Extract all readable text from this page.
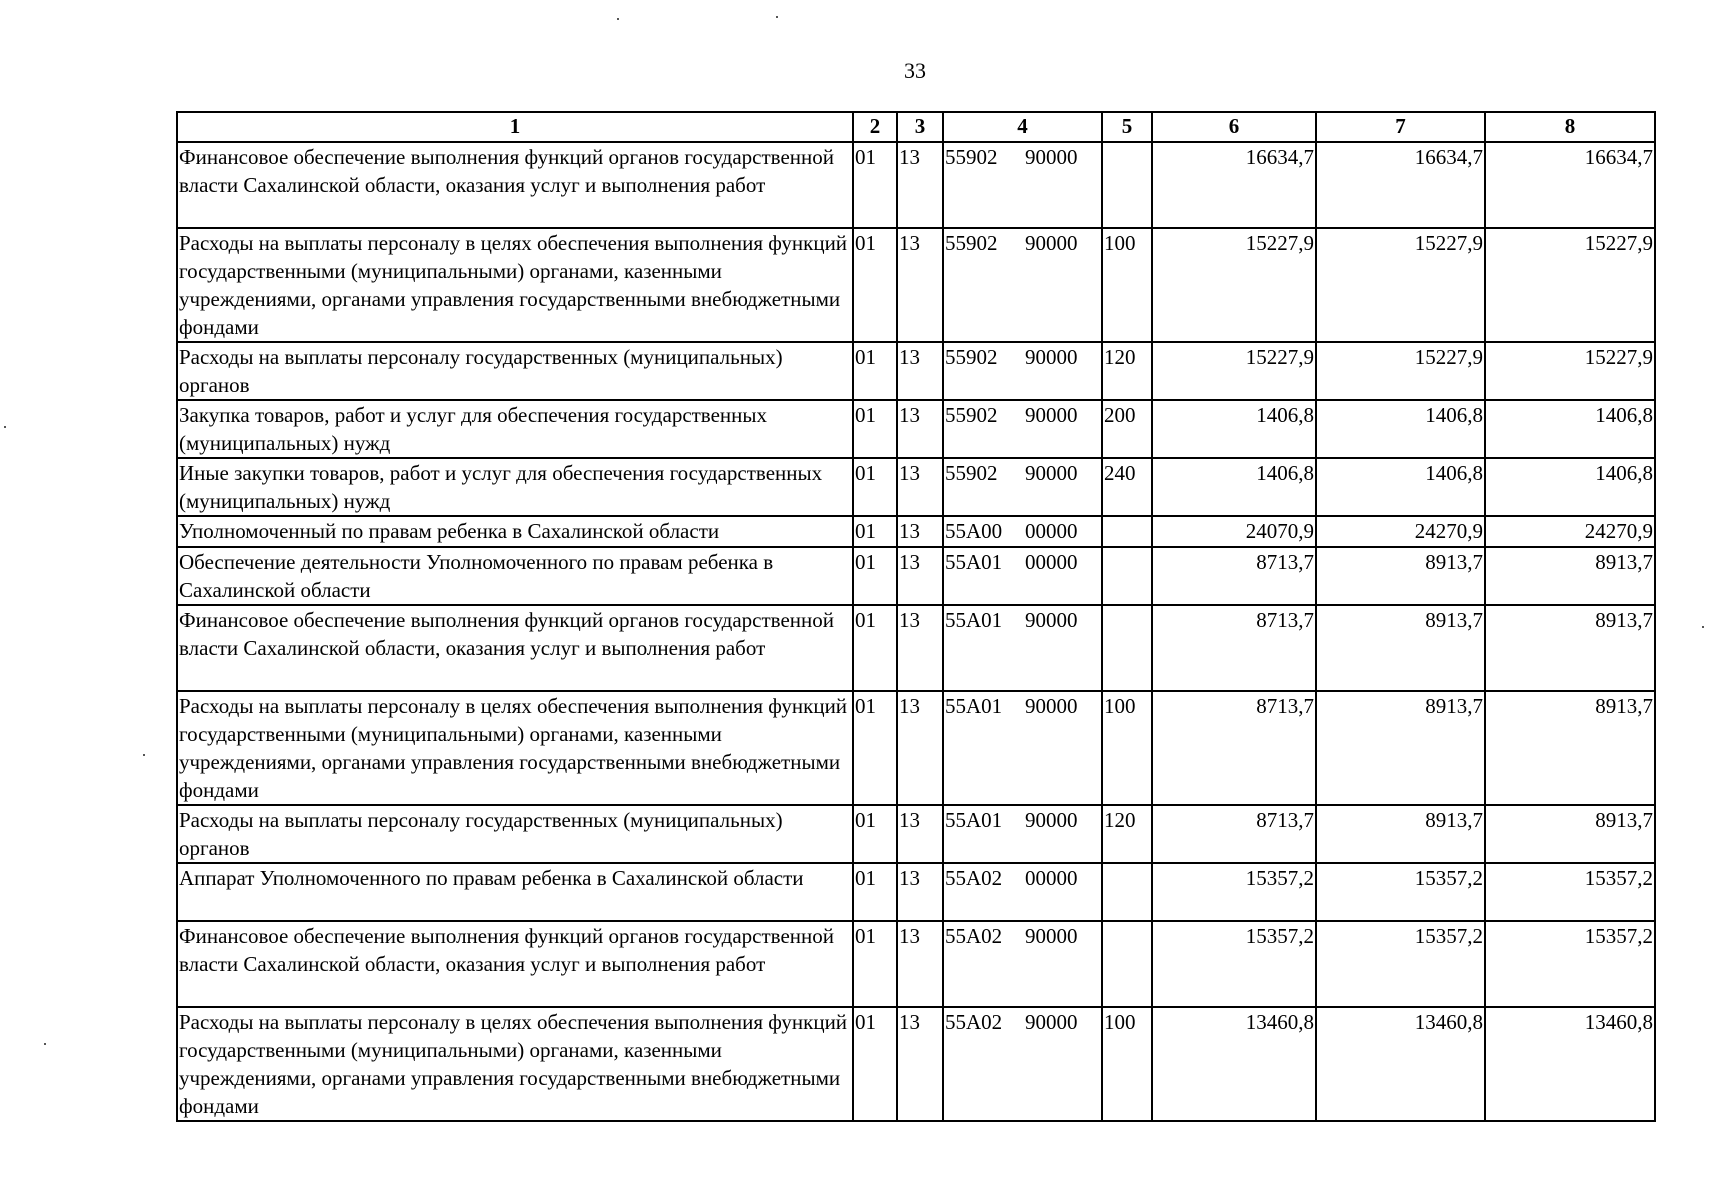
33
1	2	3	4	5	6	7	8
Финансовое обеспечение выполнения функций органов государственной власти Сахалинской области, оказания услуг и выполнения работ	01	13	55902 90000		16634,7	16634,7	16634,7
Расходы на выплаты персоналу в целях обеспечения выполнения функций государственными (муниципальными) органами, казенными учреждениями, органами управления государственными внебюджетными фондами	01	13	55902 90000	100	15227,9	15227,9	15227,9
Расходы на выплаты персоналу государственных (муниципальных) органов	01	13	55902 90000	120	15227,9	15227,9	15227,9
Закупка товаров, работ и услуг для обеспечения государственных (муниципальных) нужд	01	13	55902 90000	200	1406,8	1406,8	1406,8
Иные закупки товаров, работ и услуг для обеспечения государственных (муниципальных) нужд	01	13	55902 90000	240	1406,8	1406,8	1406,8
Уполномоченный по правам ребенка в Сахалинской области	01	13	55А00 00000		24070,9	24270,9	24270,9
Обеспечение деятельности Уполномоченного по правам ребенка в Сахалинской области	01	13	55А01 00000		8713,7	8913,7	8913,7
Финансовое обеспечение выполнения функций органов государственной власти Сахалинской области, оказания услуг и выполнения работ	01	13	55А01 90000		8713,7	8913,7	8913,7
Расходы на выплаты персоналу в целях обеспечения выполнения функций государственными (муниципальными) органами, казенными учреждениями, органами управления государственными внебюджетными фондами	01	13	55А01 90000	100	8713,7	8913,7	8913,7
Расходы на выплаты персоналу государственных (муниципальных) органов	01	13	55А01 90000	120	8713,7	8913,7	8913,7
Аппарат Уполномоченного по правам ребенка в Сахалинской области	01	13	55А02 00000		15357,2	15357,2	15357,2
Финансовое обеспечение выполнения функций органов государственной власти Сахалинской области, оказания услуг и выполнения работ	01	13	55А02 90000		15357,2	15357,2	15357,2
Расходы на выплаты персоналу в целях обеспечения выполнения функций государственными (муниципальными) органами, казенными учреждениями, органами управления государственными внебюджетными фондами	01	13	55А02 90000	100	13460,8	13460,8	13460,8
